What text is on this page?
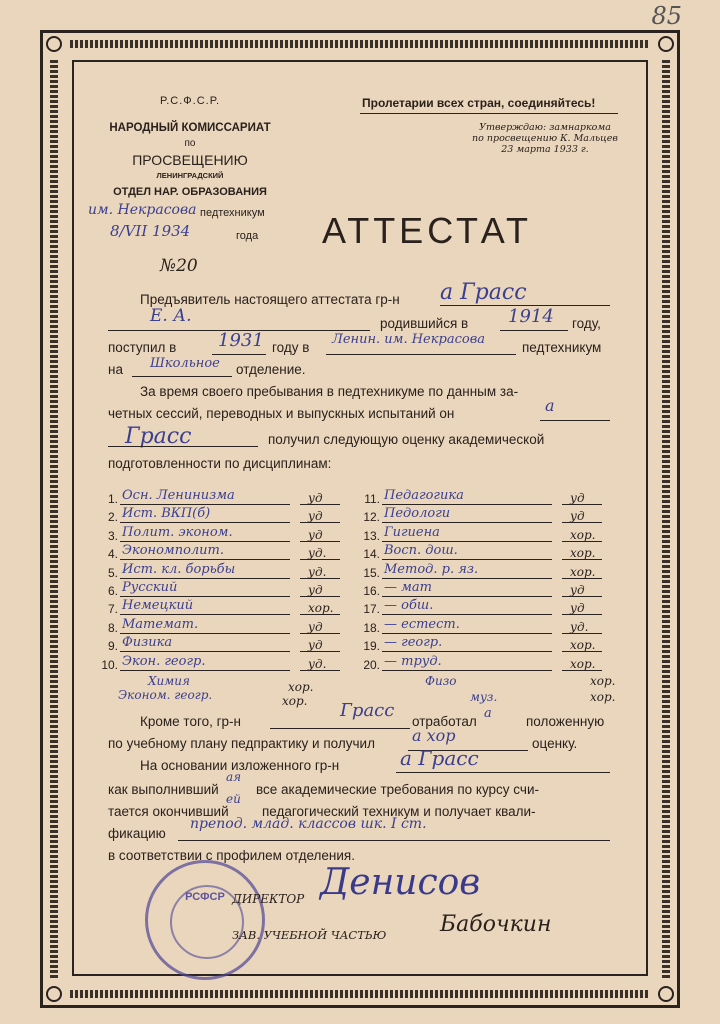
85
Р.С.Ф.С.Р.
НАРОДНЫЙ КОМИССАРИАТ
по
ПРОСВЕЩЕНИЮ
ЛЕНИНГРАДСКИЙ
ОТДЕЛ НАР. ОБРАЗОВАНИЯ
им. Некрасова педтехникум
8/VII 1934	года
№20
Пролетарии всех стран, соединяйтесь!
Утверждаю: замнаркома
по просвещению К. Мальцев
23 марта 1933 г.
АТТЕСТАТ
Предъявитель настоящего аттестата гр-н а Грасс
Е. А.	родившийся в 1914 году,
поступил в 1931 году в
Ленин. им. Некрасова
педтехникум
на Школьное отделение.
За время своего пребывания в педтехникуме по данным за-
четных сессий, переводных и выпускных испытаний он	а
Грасс	получил следующую оценку академической
подготовленности по дисциплинам:
1. Осн. Ленинизма	уд
2. Ист. ВКП(б)	уд
3. Полит. эконом.	уд
4. Экономполит.	уд.
5. Ист. кл. борьбы	уд.
6. Русский	уд
7. Немецкий	хор.
8. Математ.	уд
9. Физика	уд
10. Экон. геогр.	уд.
11. Педагогика	уд
12. Педологи	уд
13. Гигиена	хор.
14. Восп. дош.	хор.
15. Метод. р. яз.	хор.
16. — мат	уд
17. — обш.	уд
18. — естест.	уд.
19. — геогр.	хор.
20. — труд.	хор.
Химия	хор.
Эконом. геогр.	хор.
Физо	хор.
муз.	хор.
Кроме того, гр-н
Грасс
отработал
а
положенную
по учебному плану педпрактику и получил а хор	оценку.
На основании изложенного гр-н	а Грасс
как выполнивший
ая
все академические требования по курсу счи-
тается окончивший
ей
педагогический техникум и получает квали-
фикацию
препод. млад. классов шк. I ст.
в соответствии с профилем отделения.
РСФСР ДИРЕКТОР Денисов
ЗАВ. УЧЕБНОЙ ЧАСТЬЮ Бабочкин
